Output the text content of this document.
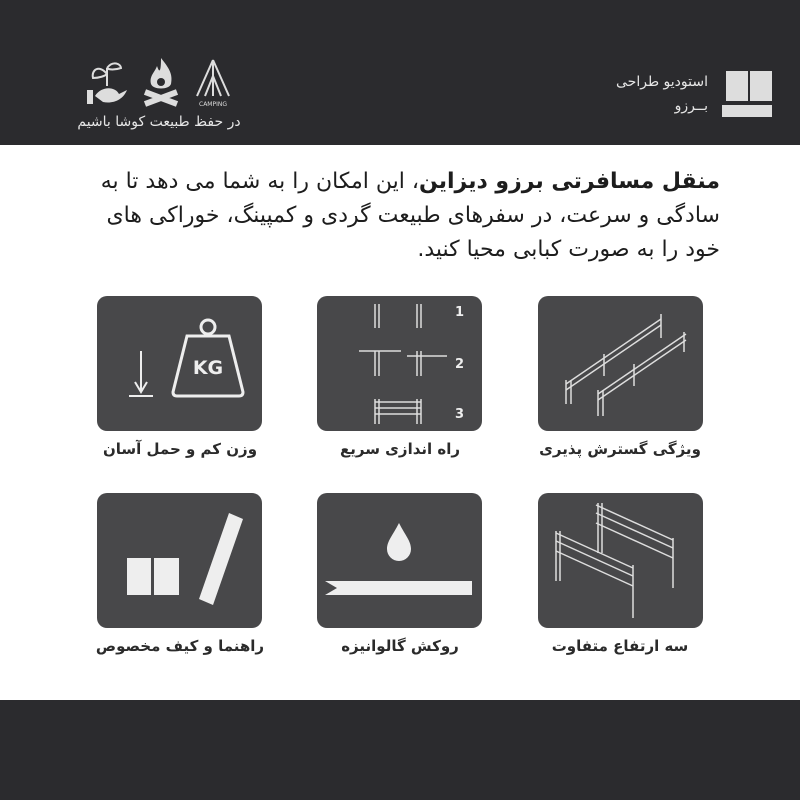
استودیو طراحی
بــرزو
CAMPING
در حفظ طبیعت کوشا باشیم
منقل مسافرتی برزو دیزاین، این امکان را به شما می دهد تا به سادگی و سرعت، در سفرهای طبیعت گردی و کمپینگ، خوراکی های خود را به صورت کبابی محیا کنید.
ویژگی گسترش پذیری
1
2
3
راه اندازی سریع
KG
وزن کم و حمل آسان
سه ارتفاع متفاوت
روکش گالوانیزه
راهنما و کیف مخصوص
